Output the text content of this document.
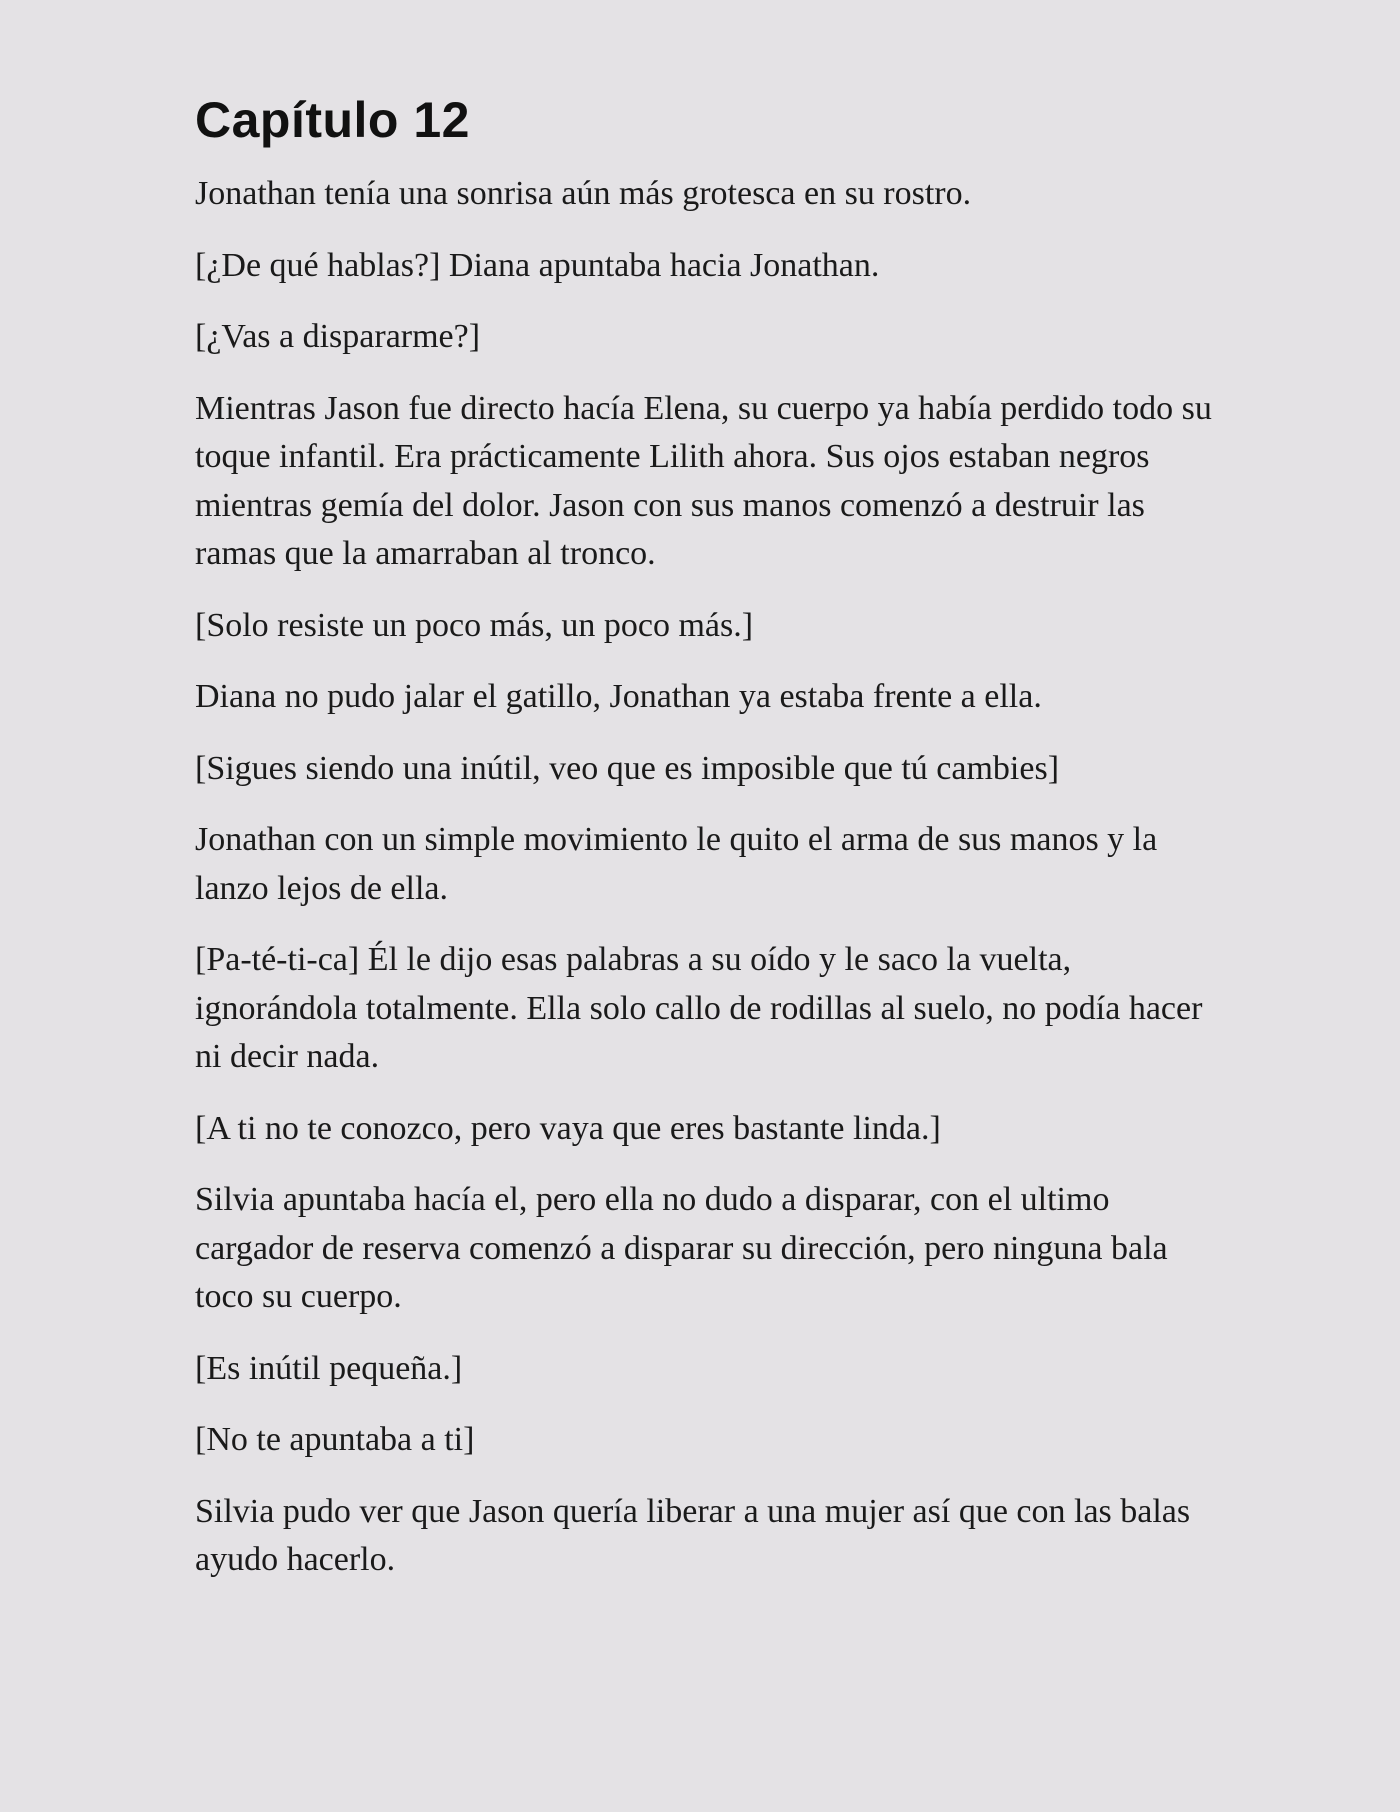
Capítulo 12

Jonathan tenía una sonrisa aún más grotesca en su rostro.

[¿De qué hablas?] Diana apuntaba hacia Jonathan.

[¿Vas a dispararme?]

Mientras Jason fue directo hacía Elena, su cuerpo ya había perdido todo su toque infantil. Era prácticamente Lilith ahora. Sus ojos estaban negros mientras gemía del dolor. Jason con sus manos comenzó a destruir las ramas que la amarraban al tronco.

[Solo resiste un poco más, un poco más.]

Diana no pudo jalar el gatillo, Jonathan ya estaba frente a ella.

[Sigues siendo una inútil, veo que es imposible que tú cambies]

Jonathan con un simple movimiento le quito el arma de sus manos y la lanzo lejos de ella.

[Pa-té-ti-ca] Él le dijo esas palabras a su oído y le saco la vuelta, ignorándola totalmente. Ella solo callo de rodillas al suelo, no podía hacer ni decir nada.

[A ti no te conozco, pero vaya que eres bastante linda.]

Silvia apuntaba hacía el, pero ella no dudo a disparar, con el ultimo cargador de reserva comenzó a disparar su dirección, pero ninguna bala toco su cuerpo.

[Es inútil pequeña.]

[No te apuntaba a ti]

Silvia pudo ver que Jason quería liberar a una mujer así que con las balas ayudo hacerlo.
